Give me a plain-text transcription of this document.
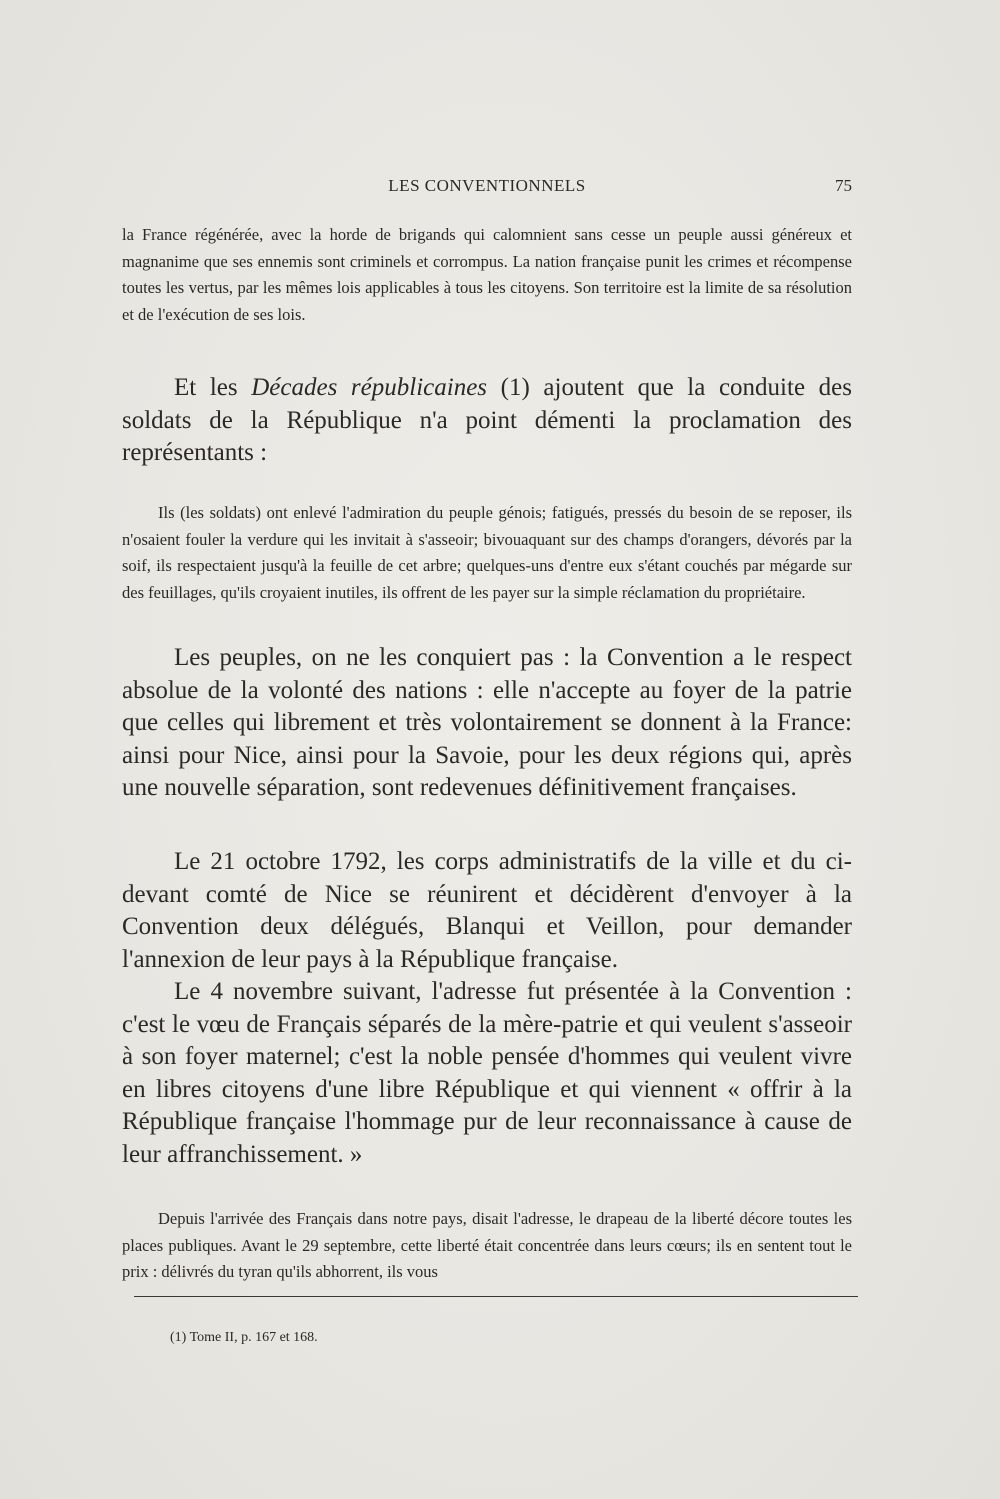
LES CONVENTIONNELS	75

la France régénérée, avec la horde de brigands qui calomnient sans cesse un peuple aussi généreux et magnanime que ses ennemis sont criminels et corrompus. La nation française punit les crimes et récompense toutes les vertus, par les mêmes lois applicables à tous les citoyens. Son territoire est la limite de sa résolution et de l'exécution de ses lois.

Et les Décades républicaines (1) ajoutent que la conduite des soldats de la République n'a point démenti la proclamation des représentants :

Ils (les soldats) ont enlevé l'admiration du peuple génois; fatigués, pressés du besoin de se reposer, ils n'osaient fouler la verdure qui les invitait à s'asseoir; bivouaquant sur des champs d'orangers, dévorés par la soif, ils respectaient jusqu'à la feuille de cet arbre; quelques-uns d'entre eux s'étant couchés par mégarde sur des feuillages, qu'ils croyaient inutiles, ils offrent de les payer sur la simple réclamation du propriétaire.

Les peuples, on ne les conquiert pas : la Convention a le respect absolue de la volonté des nations : elle n'accepte au foyer de la patrie que celles qui librement et très volontairement se donnent à la France: ainsi pour Nice, ainsi pour la Savoie, pour les deux régions qui, après une nouvelle séparation, sont redevenues définitivement françaises.

Le 21 octobre 1792, les corps administratifs de la ville et du ci-devant comté de Nice se réunirent et décidèrent d'envoyer à la Convention deux délégués, Blanqui et Veillon, pour demander l'annexion de leur pays à la République française.

Le 4 novembre suivant, l'adresse fut présentée à la Convention : c'est le vœu de Français séparés de la mère-patrie et qui veulent s'asseoir à son foyer maternel; c'est la noble pensée d'hommes qui veulent vivre en libres citoyens d'une libre République et qui viennent « offrir à la République française l'hommage pur de leur reconnaissance à cause de leur affranchissement. »

Depuis l'arrivée des Français dans notre pays, disait l'adresse, le drapeau de la liberté décore toutes les places publiques. Avant le 29 septembre, cette liberté était concentrée dans leurs cœurs; ils en sentent tout le prix : délivrés du tyran qu'ils abhorrent, ils vous

(1) Tome II, p. 167 et 168.
